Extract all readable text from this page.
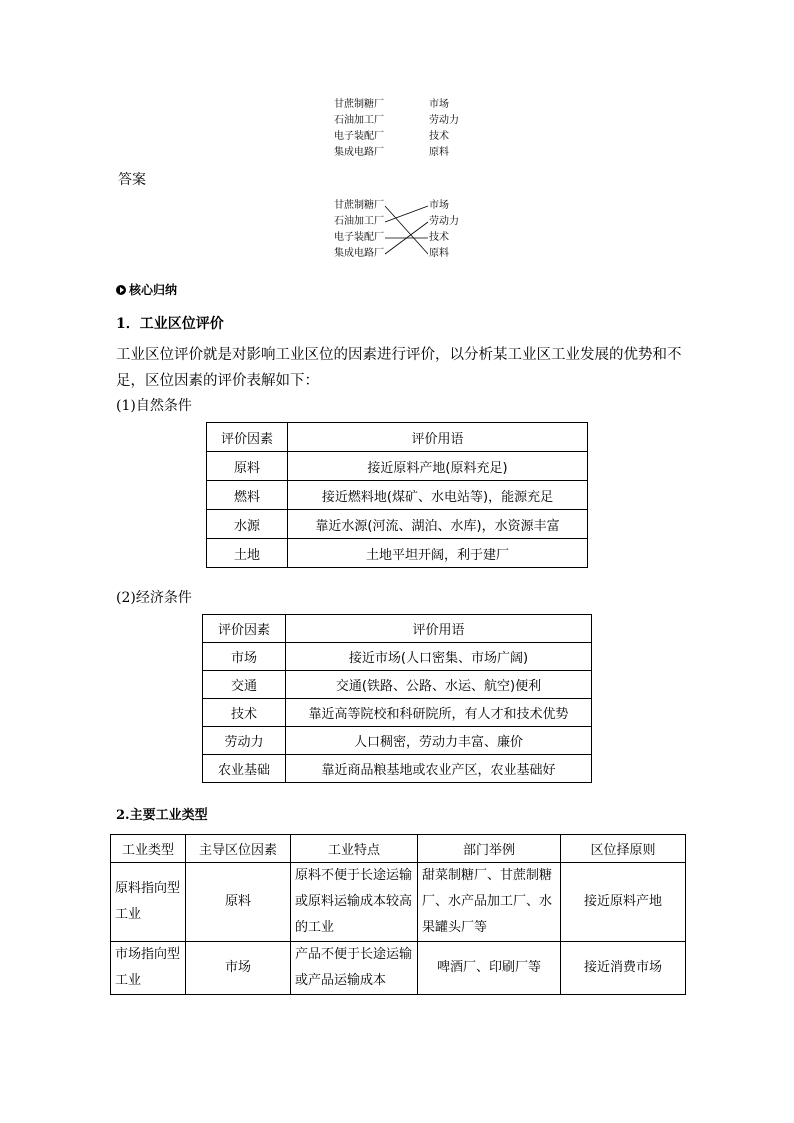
甘蔗制糖厂
石油加工厂
电子装配厂
集成电路厂
市场
劳动力
技术
原料
答案
甘蔗制糖厂
石油加工厂
电子装配厂
集成电路厂
市场
劳动力
技术
原料
核心归纳
1．工业区位评价
工业区位评价就是对影响工业区位的因素进行评价，以分析某工业区工业发展的优势和不足，区位因素的评价表解如下：
(1)自然条件
评价因素	评价用语
原料	接近原料产地(原料充足)
燃料	接近燃料地(煤矿、水电站等)，能源充足
水源	靠近水源(河流、湖泊、水库)，水资源丰富
土地	土地平坦开阔，利于建厂
(2)经济条件
评价因素	评价用语
市场	接近市场(人口密集、市场广阔)
交通	交通(铁路、公路、水运、航空)便利
技术	靠近高等院校和科研院所，有人才和技术优势
劳动力	人口稠密，劳动力丰富、廉价
农业基础	靠近商品粮基地或农业产区，农业基础好
2.主要工业类型
工业类型	主导区位因素	工业特点	部门举例	区位择原则
原料指向型工业	原料	原料不便于长途运输或原料运输成本较高的工业	甜菜制糖厂、甘蔗制糖厂、水产品加工厂、水果罐头厂等	接近原料产地
市场指向型工业	市场	产品不便于长途运输或产品运输成本	啤酒厂、印刷厂等	接近消费市场
